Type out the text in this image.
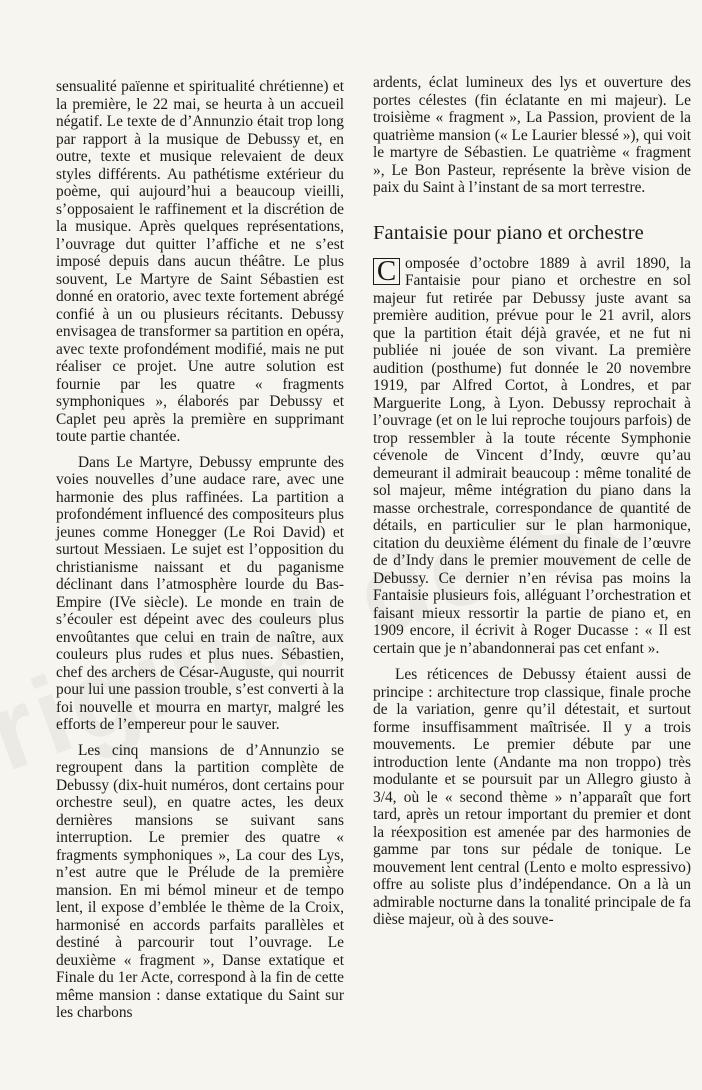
sensualité païenne et spiritualité chrétienne) et la première, le 22 mai, se heurta à un accueil négatif. Le texte de d’Annunzio était trop long par rapport à la musique de Debussy et, en outre, texte et musique relevaient de deux styles différents. Au pathétisme extérieur du poème, qui aujourd’hui a beaucoup vieilli, s’opposaient le raffinement et la discrétion de la musique. Après quelques représentations, l’ouvrage dut quitter l’affiche et ne s’est imposé depuis dans aucun théâtre. Le plus souvent, Le Martyre de Saint Sébastien est donné en oratorio, avec texte fortement abrégé confié à un ou plusieurs récitants. Debussy envisagea de transformer sa partition en opéra, avec texte profondément modifié, mais ne put réaliser ce projet. Une autre solution est fournie par les quatre « fragments symphoniques », élaborés par Debussy et Caplet peu après la première en supprimant toute partie chantée.

Dans Le Martyre, Debussy emprunte des voies nouvelles d’une audace rare, avec une harmonie des plus raffinées. La partition a profondément influencé des compositeurs plus jeunes comme Honegger (Le Roi David) et surtout Messiaen. Le sujet est l’opposition du christianisme naissant et du paganisme déclinant dans l’atmosphère lourde du Bas-Empire (IVe siècle). Le monde en train de s’écouler est dépeint avec des couleurs plus envoûtantes que celui en train de naître, aux couleurs plus rudes et plus nues. Sébastien, chef des archers de César-Auguste, qui nourrit pour lui une passion trouble, s’est converti à la foi nouvelle et mourra en martyr, malgré les efforts de l’empereur pour le sauver.

Les cinq mansions de d’Annunzio se regroupent dans la partition complète de Debussy (dix-huit numéros, dont certains pour orchestre seul), en quatre actes, les deux dernières mansions se suivant sans interruption. Le premier des quatre « fragments symphoniques », La cour des Lys, n’est autre que le Prélude de la première mansion. En mi bémol mineur et de tempo lent, il expose d’emblée le thème de la Croix, harmonisé en accords parfaits parallèles et destiné à parcourir tout l’ouvrage. Le deuxième « fragment », Danse extatique et Finale du 1er Acte, correspond à la fin de cette même mansion : danse extatique du Saint sur les charbons

ardents, éclat lumineux des lys et ouverture des portes célestes (fin éclatante en mi majeur). Le troisième « fragment », La Passion, provient de la quatrième mansion (« Le Laurier blessé »), qui voit le martyre de Sébastien. Le quatrième « fragment », Le Bon Pasteur, représente la brève vision de paix du Saint à l’instant de sa mort terrestre.

Fantaisie pour piano et orchestre

C omposée d’octobre 1889 à avril 1890, la Fantaisie pour piano et orchestre en sol majeur fut retirée par Debussy juste avant sa première audition, prévue pour le 21 avril, alors que la partition était déjà gravée, et ne fut ni publiée ni jouée de son vivant. La première audition (posthume) fut donnée le 20 novembre 1919, par Alfred Cortot, à Londres, et par Marguerite Long, à Lyon. Debussy reprochait à l’ouvrage (et on le lui reproche toujours parfois) de trop ressembler à la toute récente Symphonie cévenole de Vincent d’Indy, œuvre qu’au demeurant il admirait beaucoup : même tonalité de sol majeur, même intégration du piano dans la masse orchestrale, correspondance de quantité de détails, en particulier sur le plan harmonique, citation du deuxième élément du finale de l’œuvre de d’Indy dans le premier mouvement de celle de Debussy. Ce dernier n’en révisa pas moins la Fantaisie plusieurs fois, alléguant l’orchestration et faisant mieux ressortir la partie de piano et, en 1909 encore, il écrivit à Roger Ducasse : « Il est certain que je n’abandonnerai pas cet enfant ».

Les réticences de Debussy étaient aussi de principe : architecture trop classique, finale proche de la variation, genre qu’il détestait, et surtout forme insuffisamment maîtrisée. Il y a trois mouvements. Le premier débute par une introduction lente (Andante ma non troppo) très modulante et se poursuit par un Allegro giusto à 3/4, où le « second thème » n’apparaît que fort tard, après un retour important du premier et dont la réexposition est amenée par des harmonies de gamme par tons sur pédale de tonique. Le mouvement lent central (Lento e molto espressivo) offre au soliste plus d’indépendance. On a là un admirable nocturne dans la tonalité principale de fa dièse majeur, où à des souve-
